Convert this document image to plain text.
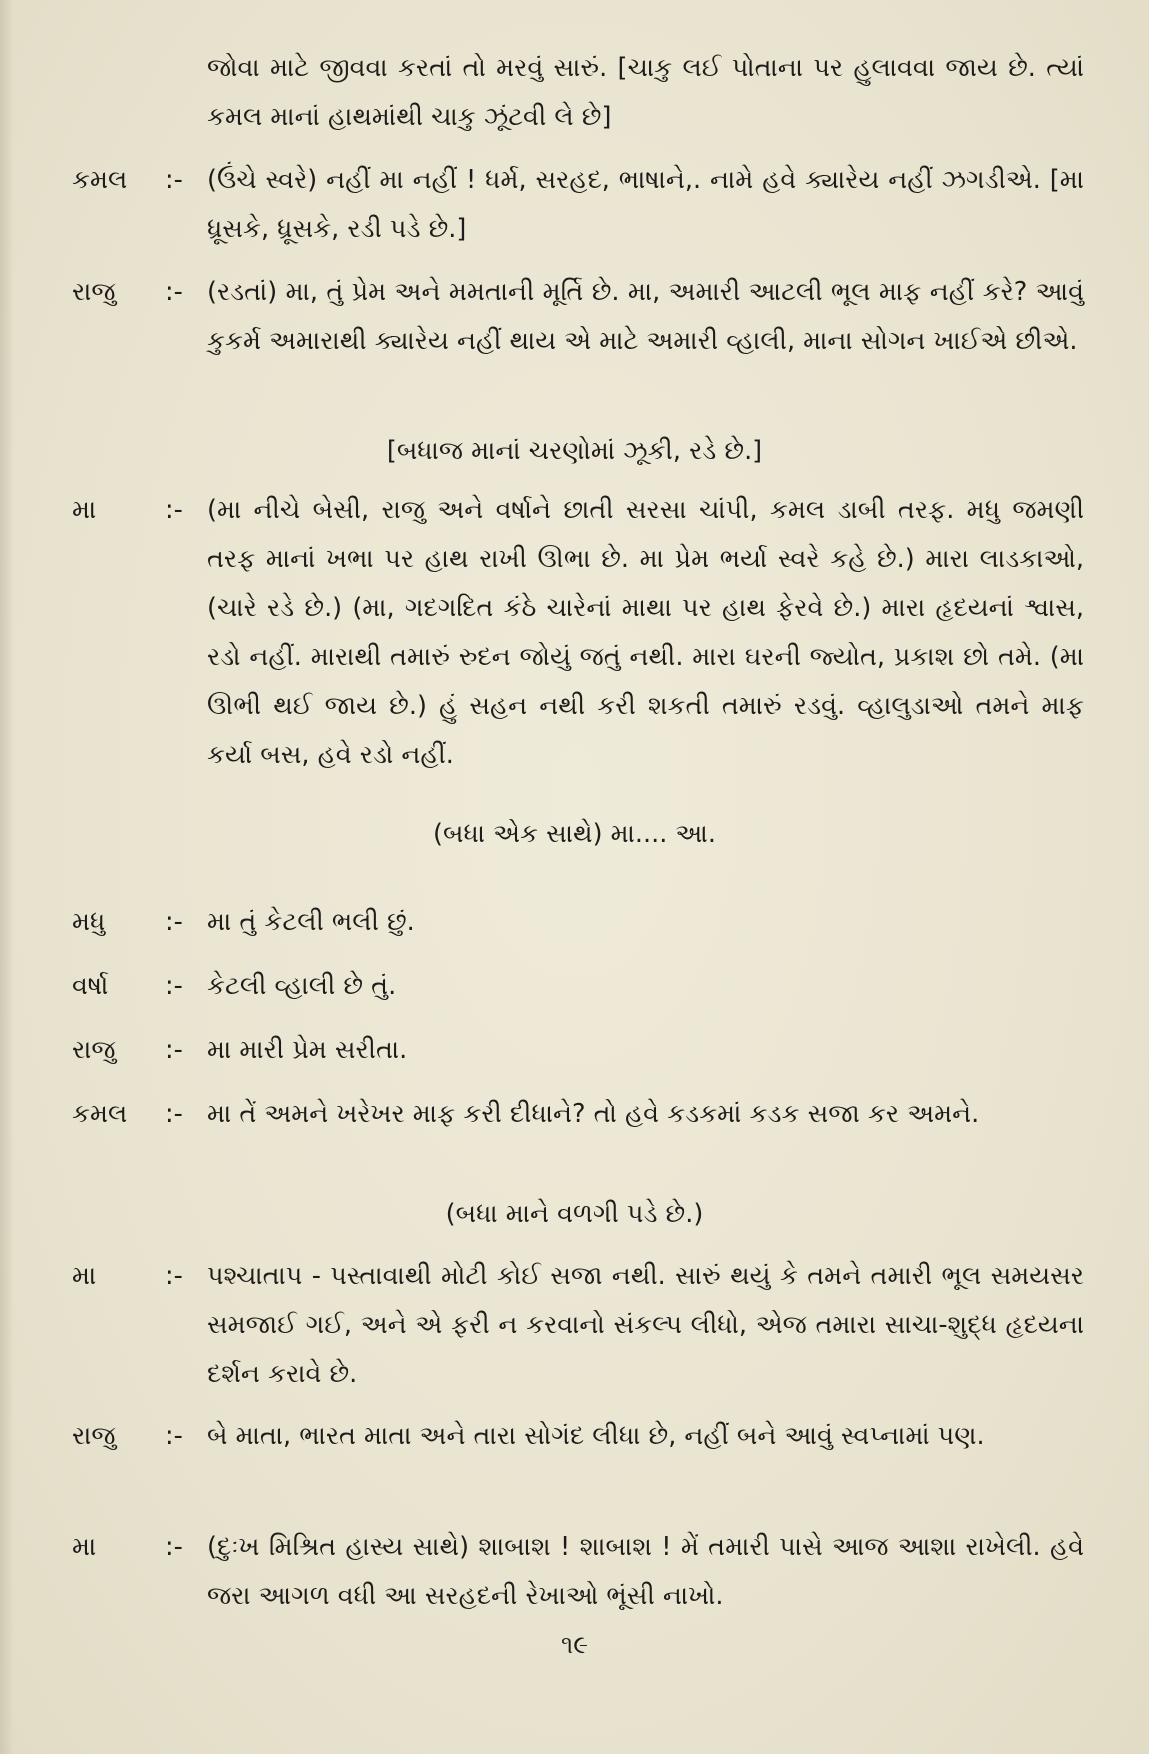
જોવા માટે જીવવા કરતાં તો મરવું સારું. [ચાકુ લઈ પોતાના પર હુલાવવા જાય છે. ત્યાં કમલ માનાં હાથમાંથી ચાકુ ઝૂંટવી લે છે]
કમલ	:- (ઉંચે સ્વરે) નહીં મા નહીં ! ધર્મ, સરહદ, ભાષાને,. નામે હવે ક્યારેય નહીં ઝગડીએ. [મા ધ્રૂસકે, ધ્રૂસકે, રડી પડે છે.]
રાજુ	:- (રડતાં) મા, તું પ્રેમ અને મમતાની મૂર્તિ છે. મા, અમારી આટલી ભૂલ માફ નહીં કરે? આવું કુકર્મ અમારાથી ક્યારેય નહીં થાય એ માટે અમારી વ્હાલી, માના સોગન ખાઈએ છીએ.
[બધાજ માનાં ચરણોમાં ઝૂકી, રડે છે.]
મા	:- (મા નીચે બેસી, રાજુ અને વર્ષાને છાતી સરસા ચાંપી, કમલ ડાબી તરફ. મધુ જમણી તરફ માનાં ખભા પર હાથ રાખી ઊભા છે. મા પ્રેમ ભર્યા સ્વરે કહે છે.) મારા લાડકાઓ, (ચારે રડે છે.) (મા, ગદગદિત કંઠે ચારેનાં માથા પર હાથ ફેરવે છે.) મારા હૃદયનાં શ્વાસ, રડો નહીં. મારાથી તમારું રુદન જોયું જતું નથી. મારા ઘરની જ્યોત, પ્રકાશ છો તમે. (મા ઊભી થઈ જાય છે.) હું સહન નથી કરી શકતી તમારું રડવું. વ્હાલુડાઓ તમને માફ કર્યા બસ, હવે રડો નહીં.
(બધા એક સાથે) મા.... આ.
મધુ	:- મા તું કેટલી ભલી છું.
વર્ષા	:- કેટલી વ્હાલી છે તું.
રાજુ	:- મા મારી પ્રેમ સરીતા.
કમલ	:- મા તેં અમને ખરેખર માફ કરી દીધાને? તો હવે કડકમાં કડક સજા કર અમને.
(બધા માને વળગી પડે છે.)
મા	:- પશ્ચાતાપ - પસ્તાવાથી મોટી કોઈ સજા નથી. સારું થયું કે તમને તમારી ભૂલ સમયસર સમજાઈ ગઈ, અને એ ફરી ન કરવાનો સંકલ્પ લીધો, એજ તમારા સાચા-શુદ્ધ હૃદયના દર્શન કરાવે છે.
રાજુ	:- બે માતા, ભારત માતા અને તારા સોગંદ લીધા છે, નહીં બને આવું સ્વપ્નામાં પણ.
મા	:- (દુઃખ મિશ્રિત હાસ્ય સાથે) શાબાશ ! શાબાશ ! મેં તમારી પાસે આજ આશા રાખેલી. હવે જરા આગળ વધી આ સરહદની રેખાઓ ભૂંસી નાખો.
૧૯
